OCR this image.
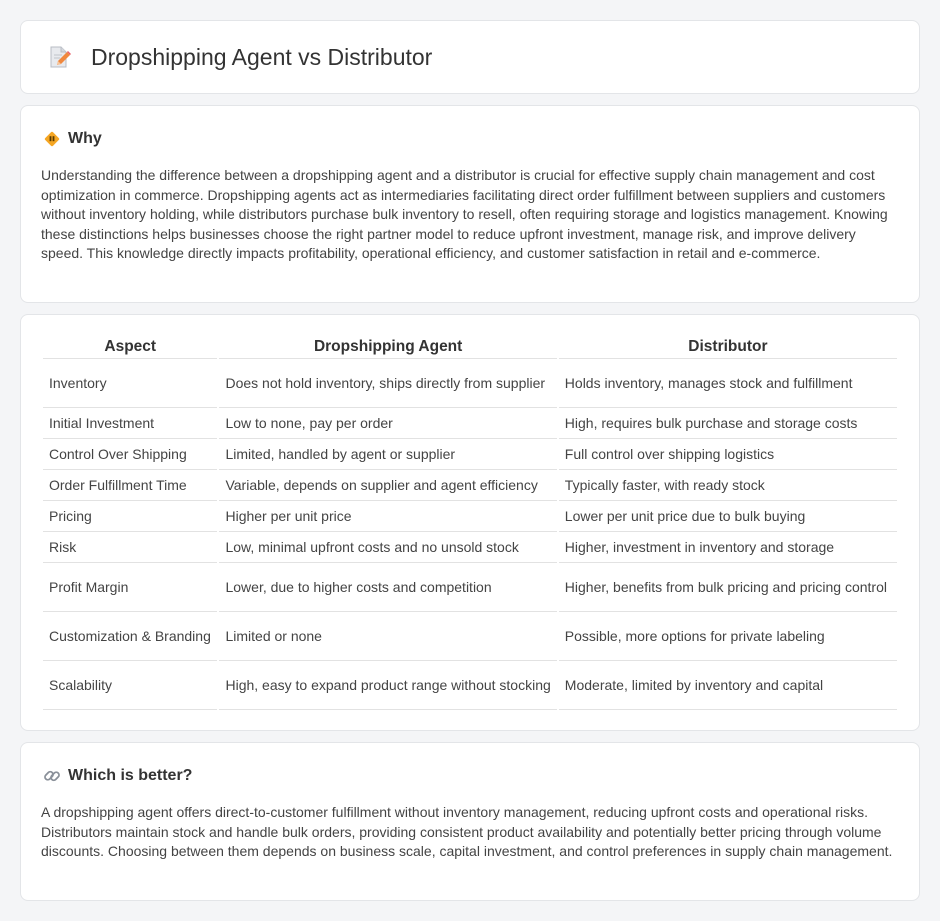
Dropshipping Agent vs Distributor
Why

Understanding the difference between a dropshipping agent and a distributor is crucial for effective supply chain management and cost optimization in commerce. Dropshipping agents act as intermediaries facilitating direct order fulfillment between suppliers and customers without inventory holding, while distributors purchase bulk inventory to resell, often requiring storage and logistics management. Knowing these distinctions helps businesses choose the right partner model to reduce upfront investment, manage risk, and improve delivery speed. This knowledge directly impacts profitability, operational efficiency, and customer satisfaction in retail and e-commerce.

Aspect	Dropshipping Agent	Distributor
Inventory	Does not hold inventory, ships directly from supplier	Holds inventory, manages stock and fulfillment
Initial Investment	Low to none, pay per order	High, requires bulk purchase and storage costs
Control Over Shipping	Limited, handled by agent or supplier	Full control over shipping logistics
Order Fulfillment Time	Variable, depends on supplier and agent efficiency	Typically faster, with ready stock
Pricing	Higher per unit price	Lower per unit price due to bulk buying
Risk	Low, minimal upfront costs and no unsold stock	Higher, investment in inventory and storage
Profit Margin	Lower, due to higher costs and competition	Higher, benefits from bulk pricing and pricing control
Customization & Branding	Limited or none	Possible, more options for private labeling
Scalability	High, easy to expand product range without stocking	Moderate, limited by inventory and capital
Which is better?

A dropshipping agent offers direct-to-customer fulfillment without inventory management, reducing upfront costs and operational risks. Distributors maintain stock and handle bulk orders, providing consistent product availability and potentially better pricing through volume discounts. Choosing between them depends on business scale, capital investment, and control preferences in supply chain management.
